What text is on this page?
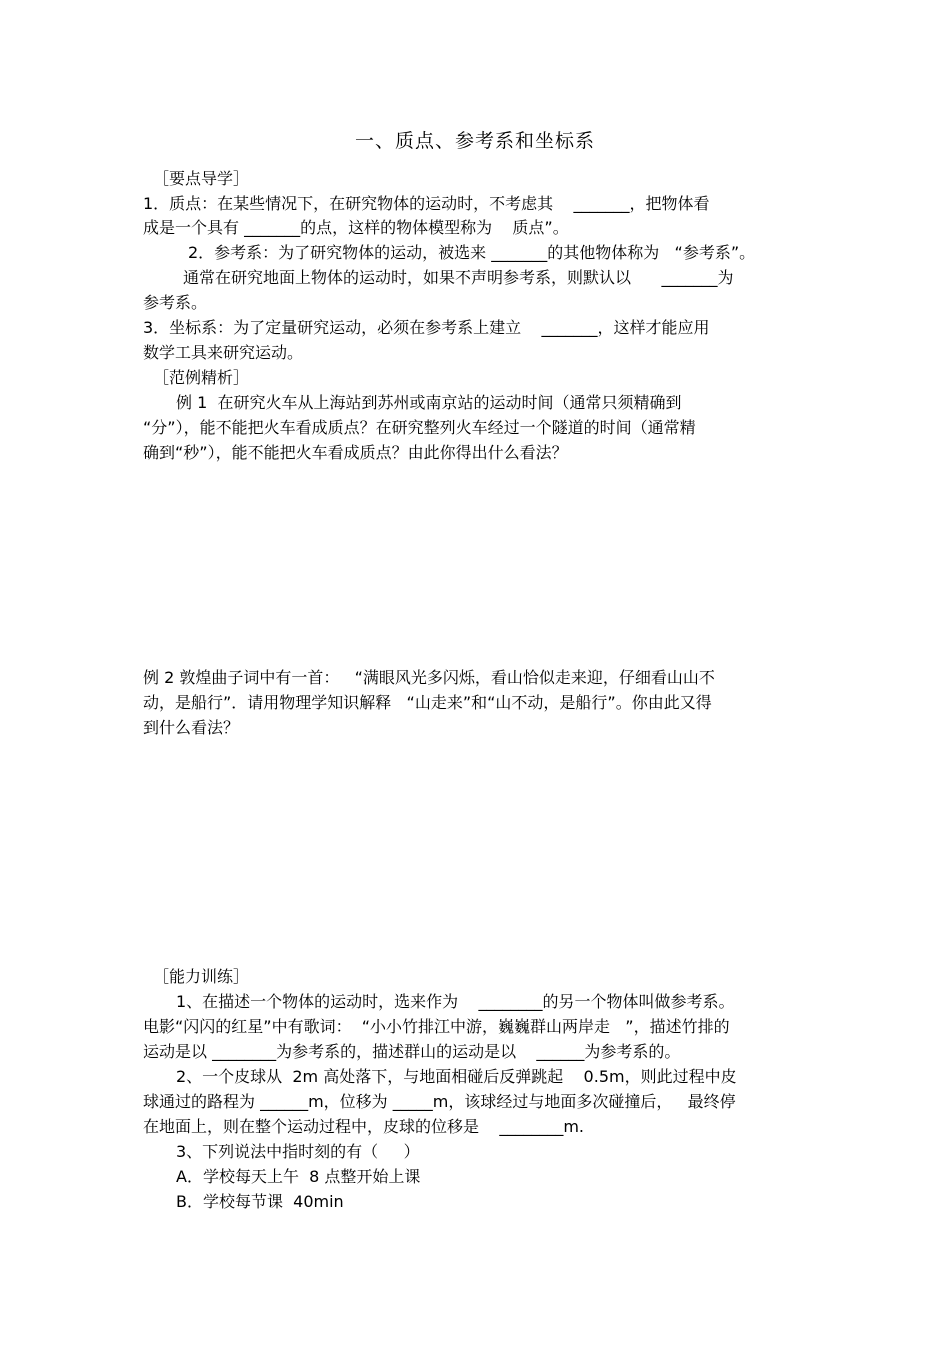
一、质点、参考系和坐标系
［要点导学］
1．质点：在某些情况下，在研究物体的运动时，不考虑其    _______，把物体看
成是一个具有 _______的点，这样的物体模型称为    质点”。
2．参考系：为了研究物体的运动，被选来 _______的其他物体称为   “参考系”。
通常在研究地面上物体的运动时，如果不声明参考系，则默认以      _______为
参考系。
3．坐标系：为了定量研究运动，必须在参考系上建立    _______，这样才能应用
数学工具来研究运动。
［范例精析］
例 1  在研究火车从上海站到苏州或南京站的运动时间（通常只须精确到
“分”），能不能把火车看成质点？在研究整列火车经过一个隧道的时间（通常精
确到“秒”），能不能把火车看成质点？由此你得出什么看法？
例 2 敦煌曲子词中有一首：   “满眼风光多闪烁，看山恰似走来迎，仔细看山山不
动，是船行”．请用物理学知识解释   “山走来”和“山不动，是船行”。你由此又得
到什么看法？
［能力训练］
1、在描述一个物体的运动时，选来作为    ________的另一个物体叫做参考系。
电影“闪闪的红星”中有歌词：  “小小竹排江中游，巍巍群山两岸走   ”，描述竹排的
运动是以 ________为参考系的，描述群山的运动是以    ______为参考系的。
2、一个皮球从  2m 高处落下，与地面相碰后反弹跳起    0.5m，则此过程中皮
球通过的路程为 ______m，位移为 _____m，该球经过与地面多次碰撞后，   最终停
在地面上，则在整个运动过程中，皮球的位移是    ________m.
3、下列说法中指时刻的有（     ）
A．学校每天上午  8 点整开始上课
B．学校每节课  40min
